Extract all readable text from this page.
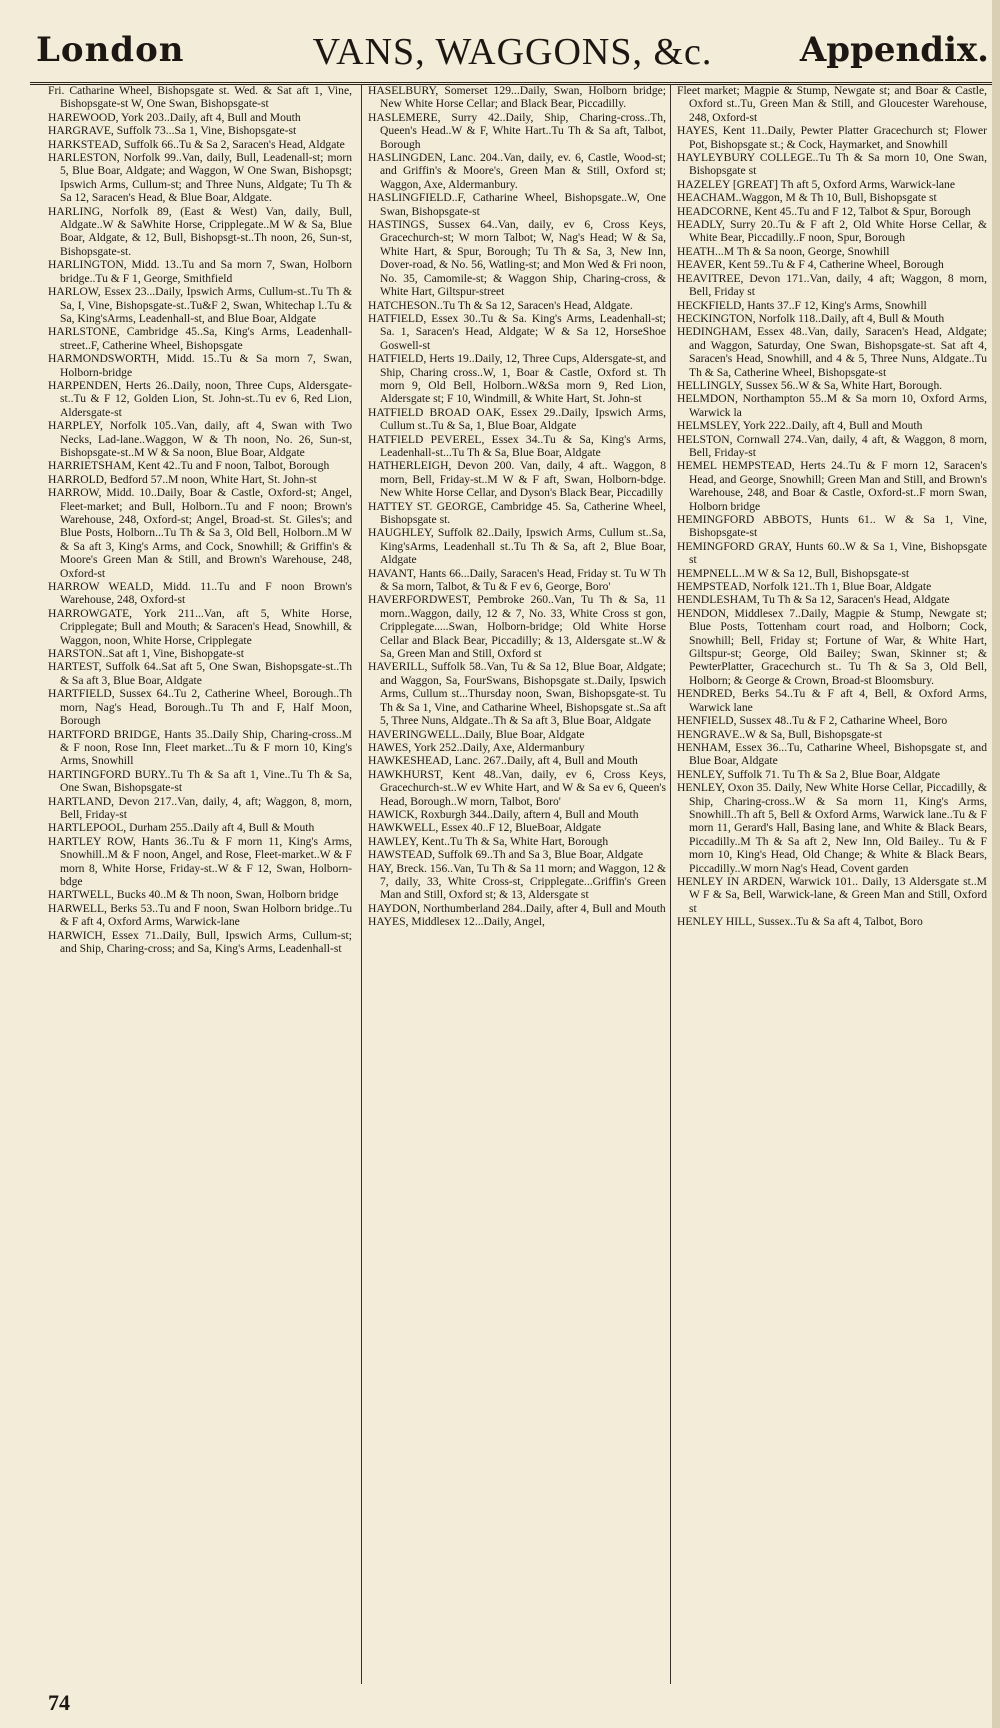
London	VANS, WAGGONS, &c.	Appendix.

Fri. Catharine Wheel, Bishopsgate st. Wed. & Sat aft 1, Vine, Bishopsgate-st W, One Swan, Bishopsgate-st

HAREWOOD, York 203..Daily, aft 4, Bull and Mouth

HARGRAVE, Suffolk 73...Sa 1, Vine, Bishopsgate-st

HARKSTEAD, Suffolk 66..Tu & Sa 2, Saracen's Head, Aldgate

HARLESTON, Norfolk 99..Van, daily, Bull, Leadenall-st; morn 5, Blue Boar, Aldgate; and Waggon, W One Swan, Bishopsgt; Ipswich Arms, Cullum-st; and Three Nuns, Aldgate; Tu Th & Sa 12, Saracen's Head, & Blue Boar, Aldgate.

HARLING, Norfolk 89, (East & West) Van, daily, Bull, Aldgate..W & SaWhite Horse, Cripplegate..M W & Sa, Blue Boar, Aldgate, & 12, Bull, Bishopsgt-st..Th noon, 26, Sun-st, Bishopsgate-st.

HARLINGTON, Midd. 13..Tu and Sa morn 7, Swan, Holborn bridge..Tu & F 1, George, Smithfield

HARLOW, Essex 23...Daily, Ipswich Arms, Cullum-st..Tu Th & Sa, I, Vine, Bishopsgate-st..Tu&F 2, Swan, Whitechap l..Tu & Sa, King'sArms, Leadenhall-st, and Blue Boar, Aldgate

HARLSTONE, Cambridge 45..Sa, King's Arms, Leadenhall-street..F, Catherine Wheel, Bishopsgate

HARMONDSWORTH, Midd. 15..Tu & Sa morn 7, Swan, Holborn-bridge

HARPENDEN, Herts 26..Daily, noon, Three Cups, Aldersgate-st..Tu & F 12, Golden Lion, St. John-st..Tu ev 6, Red Lion, Aldersgate-st

HARPLEY, Norfolk 105..Van, daily, aft 4, Swan with Two Necks, Lad-lane..Waggon, W & Th noon, No. 26, Sun-st, Bishopsgate-st..M W & Sa noon, Blue Boar, Aldgate

HARRIETSHAM, Kent 42..Tu and F noon, Talbot, Borough

HARROLD, Bedford 57..M noon, White Hart, St. John-st

HARROW, Midd. 10..Daily, Boar & Castle, Oxford-st; Angel, Fleet-market; and Bull, Holborn..Tu and F noon; Brown's Warehouse, 248, Oxford-st; Angel, Broad-st. St. Giles's; and Blue Posts, Holborn...Tu Th & Sa 3, Old Bell, Holborn..M W & Sa aft 3, King's Arms, and Cock, Snowhill; & Griffin's & Moore's Green Man & Still, and Brown's Warehouse, 248, Oxford-st

HARROW WEALD, Midd. 11..Tu and F noon Brown's Warehouse, 248, Oxford-st

HARROWGATE, York 211...Van, aft 5, White Horse, Cripplegate; Bull and Mouth; & Saracen's Head, Snowhill, & Waggon, noon, White Horse, Cripplegate

HARSTON..Sat aft 1, Vine, Bishopgate-st

HARTEST, Suffolk 64..Sat aft 5, One Swan, Bishopsgate-st..Th & Sa aft 3, Blue Boar, Aldgate

HARTFIELD, Sussex 64..Tu 2, Catherine Wheel, Borough..Th morn, Nag's Head, Borough..Tu Th and F, Half Moon, Borough

HARTFORD BRIDGE, Hants 35..Daily Ship, Charing-cross..M & F noon, Rose Inn, Fleet market...Tu & F morn 10, King's Arms, Snowhill

HARTINGFORD BURY..Tu Th & Sa aft 1, Vine..Tu Th & Sa, One Swan, Bishopsgate-st

HARTLAND, Devon 217..Van, daily, 4, aft; Waggon, 8, morn, Bell, Friday-st

HARTLEPOOL, Durham 255..Daily aft 4, Bull & Mouth

HARTLEY ROW, Hants 36..Tu & F morn 11, King's Arms, Snowhill..M & F noon, Angel, and Rose, Fleet-market..W & F morn 8, White Horse, Friday-st..W & F 12, Swan, Holborn-bdge

HARTWELL, Bucks 40..M & Th noon, Swan, Holborn bridge

HARWELL, Berks 53..Tu and F noon, Swan Holborn bridge..Tu & F aft 4, Oxford Arms, Warwick-lane

HARWICH, Essex 71..Daily, Bull, Ipswich Arms, Cullum-st; and Ship, Charing-cross; and Sa, King's Arms, Leadenhall-st

HASELBURY, Somerset 129...Daily, Swan, Holborn bridge; New White Horse Cellar; and Black Bear, Piccadilly.

HASLEMERE, Surry 42..Daily, Ship, Charing-cross..Th, Queen's Head..W & F, White Hart..Tu Th & Sa aft, Talbot, Borough

HASLINGDEN, Lanc. 204..Van, daily, ev. 6, Castle, Wood-st; and Griffin's & Moore's, Green Man & Still, Oxford st; Waggon, Axe, Aldermanbury.

HASLINGFIELD..F, Catharine Wheel, Bishopsgate..W, One Swan, Bishopsgate-st

HASTINGS, Sussex 64..Van, daily, ev 6, Cross Keys, Gracechurch-st; W morn Talbot; W, Nag's Head; W & Sa, White Hart, & Spur, Borough; Tu Th & Sa, 3, New Inn, Dover-road, & No. 56, Watling-st; and Mon Wed & Fri noon, No. 35, Camomile-st; & Waggon Ship, Charing-cross, & White Hart, Giltspur-street

HATCHESON..Tu Th & Sa 12, Saracen's Head, Aldgate.

HATFIELD, Essex 30..Tu & Sa. King's Arms, Leadenhall-st; Sa. 1, Saracen's Head, Aldgate; W & Sa 12, HorseShoe Goswell-st

HATFIELD, Herts 19..Daily, 12, Three Cups, Aldersgate-st, and Ship, Charing cross..W, 1, Boar & Castle, Oxford st. Th morn 9, Old Bell, Holborn..W&Sa morn 9, Red Lion, Aldersgate st; F 10, Windmill, & White Hart, St. John-st

HATFIELD BROAD OAK, Essex 29..Daily, Ipswich Arms, Cullum st..Tu & Sa, 1, Blue Boar, Aldgate

HATFIELD PEVEREL, Essex 34..Tu & Sa, King's Arms, Leadenhall-st...Tu Th & Sa, Blue Boar, Aldgate

HATHERLEIGH, Devon 200. Van, daily, 4 aft.. Waggon, 8 morn, Bell, Friday-st..M W & F aft, Swan, Holborn-bdge. New White Horse Cellar, and Dyson's Black Bear, Piccadilly

HATTEY ST. GEORGE, Cambridge 45. Sa, Catherine Wheel, Bishopsgate st.

HAUGHLEY, Suffolk 82..Daily, Ipswich Arms, Cullum st..Sa, King'sArms, Leadenhall st..Tu Th & Sa, aft 2, Blue Boar, Aldgate

HAVANT, Hants 66...Daily, Saracen's Head, Friday st. Tu W Th & Sa morn, Talbot, & Tu & F ev 6, George, Boro'

HAVERFORDWEST, Pembroke 260..Van, Tu Th & Sa, 11 morn..Waggon, daily, 12 & 7, No. 33, White Cross st gon, Cripplegate.....Swan, Holborn-bridge; Old White Horse Cellar and Black Bear, Piccadilly; & 13, Aldersgate st..W & Sa, Green Man and Still, Oxford st

HAVERILL, Suffolk 58..Van, Tu & Sa 12, Blue Boar, Aldgate; and Waggon, Sa, FourSwans, Bishopsgate st..Daily, Ipswich Arms, Cullum st...Thursday noon, Swan, Bishopsgate-st. Tu Th & Sa 1, Vine, and Catharine Wheel, Bishopsgate st..Sa aft 5, Three Nuns, Aldgate..Th & Sa aft 3, Blue Boar, Aldgate

HAVERINGWELL..Daily, Blue Boar, Aldgate

HAWES, York 252..Daily, Axe, Aldermanbury

HAWKESHEAD, Lanc. 267..Daily, aft 4, Bull and Mouth

HAWKHURST, Kent 48..Van, daily, ev 6, Cross Keys, Gracechurch-st..W ev White Hart, and W & Sa ev 6, Queen's Head, Borough..W morn, Talbot, Boro'

HAWICK, Roxburgh 344..Daily, aftern 4, Bull and Mouth

HAWKWELL, Essex 40..F 12, BlueBoar, Aldgate

HAWLEY, Kent..Tu Th & Sa, White Hart, Borough

HAWSTEAD, Suffolk 69..Th and Sa 3, Blue Boar, Aldgate

HAY, Breck. 156..Van, Tu Th & Sa 11 morn; and Waggon, 12 & 7, daily, 33, White Cross-st, Cripplegate...Griffin's Green Man and Still, Oxford st; & 13, Aldersgate st

HAYDON, Northumberland 284..Daily, after 4, Bull and Mouth

HAYES, Middlesex 12...Daily, Angel,

Fleet market; Magpie & Stump, Newgate st; and Boar & Castle, Oxford st..Tu, Green Man & Still, and Gloucester Warehouse, 248, Oxford-st

HAYES, Kent 11..Daily, Pewter Platter Gracechurch st; Flower Pot, Bishopsgate st.; & Cock, Haymarket, and Snowhill

HAYLEYBURY COLLEGE..Tu Th & Sa morn 10, One Swan, Bishopsgate st

HAZELEY [GREAT] Th aft 5, Oxford Arms, Warwick-lane

HEACHAM..Waggon, M & Th 10, Bull, Bishopsgate st

HEADCORNE, Kent 45..Tu and F 12, Talbot & Spur, Borough

HEADLY, Surry 20..Tu & F aft 2, Old White Horse Cellar, & White Bear, Piccadilly..F noon, Spur, Borough

HEATH...M Th & Sa noon, George, Snowhill

HEAVER, Kent 59..Tu & F 4, Catherine Wheel, Borough

HEAVITREE, Devon 171..Van, daily, 4 aft; Waggon, 8 morn, Bell, Friday st

HECKFIELD, Hants 37..F 12, King's Arms, Snowhill

HECKINGTON, Norfolk 118..Daily, aft 4, Bull & Mouth

HEDINGHAM, Essex 48..Van, daily, Saracen's Head, Aldgate; and Waggon, Saturday, One Swan, Bishopsgate-st. Sat aft 4, Saracen's Head, Snowhill, and 4 & 5, Three Nuns, Aldgate..Tu Th & Sa, Catherine Wheel, Bishopsgate-st

HELLINGLY, Sussex 56..W & Sa, White Hart, Borough.

HELMDON, Northampton 55..M & Sa morn 10, Oxford Arms, Warwick la

HELMSLEY, York 222..Daily, aft 4, Bull and Mouth

HELSTON, Cornwall 274..Van, daily, 4 aft, & Waggon, 8 morn, Bell, Friday-st

HEMEL HEMPSTEAD, Herts 24..Tu & F morn 12, Saracen's Head, and George, Snowhill; Green Man and Still, and Brown's Warehouse, 248, and Boar & Castle, Oxford-st..F morn Swan, Holborn bridge

HEMINGFORD ABBOTS, Hunts 61.. W & Sa 1, Vine, Bishopsgate-st

HEMINGFORD GRAY, Hunts 60..W & Sa 1, Vine, Bishopsgate st

HEMPNELL..M W & Sa 12, Bull, Bishopsgate-st

HEMPSTEAD, Norfolk 121..Th 1, Blue Boar, Aldgate

HENDLESHAM, Tu Th & Sa 12, Saracen's Head, Aldgate

HENDON, Middlesex 7..Daily, Magpie & Stump, Newgate st; Blue Posts, Tottenham court road, and Holborn; Cock, Snowhill; Bell, Friday st; Fortune of War, & White Hart, Giltspur-st; George, Old Bailey; Swan, Skinner st; & PewterPlatter, Gracechurch st.. Tu Th & Sa 3, Old Bell, Holborn; & George & Crown, Broad-st Bloomsbury.

HENDRED, Berks 54..Tu & F aft 4, Bell, & Oxford Arms, Warwick lane

HENFIELD, Sussex 48..Tu & F 2, Catharine Wheel, Boro

HENGRAVE..W & Sa, Bull, Bishopsgate-st

HENHAM, Essex 36...Tu, Catharine Wheel, Bishopsgate st, and Blue Boar, Aldgate

HENLEY, Suffolk 71. Tu Th & Sa 2, Blue Boar, Aldgate

HENLEY, Oxon 35. Daily, New White Horse Cellar, Piccadilly, & Ship, Charing-cross..W & Sa morn 11, King's Arms, Snowhill..Th aft 5, Bell & Oxford Arms, Warwick lane..Tu & F morn 11, Gerard's Hall, Basing lane, and White & Black Bears, Piccadilly..M Th & Sa aft 2, New Inn, Old Bailey.. Tu & F morn 10, King's Head, Old Change; & White & Black Bears, Piccadilly..W morn Nag's Head, Covent garden

HENLEY IN ARDEN, Warwick 101.. Daily, 13 Aldersgate st..M W F & Sa, Bell, Warwick-lane, & Green Man and Still, Oxford st

HENLEY HILL, Sussex..Tu & Sa aft 4, Talbot, Boro

74
